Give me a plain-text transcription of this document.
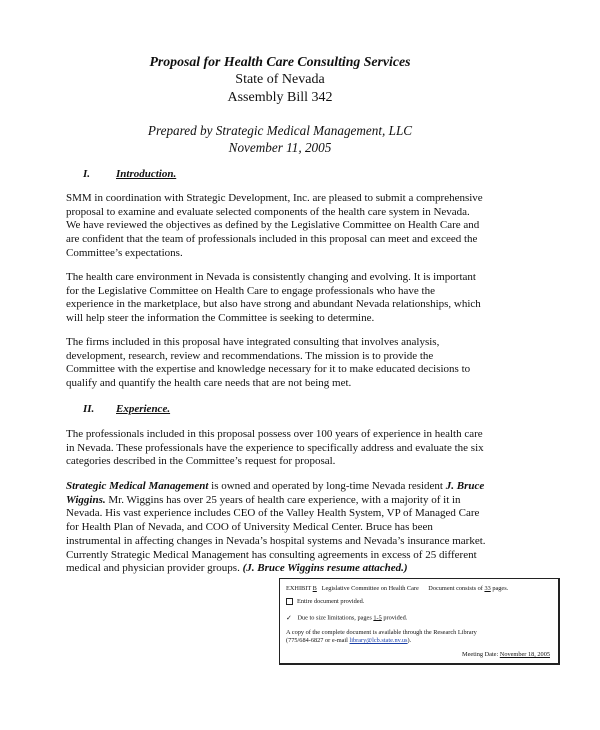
Proposal for Health Care Consulting Services
State of Nevada
Assembly Bill 342
Prepared by Strategic Medical Management, LLC
November 11, 2005
I. Introduction.

SMM in coordination with Strategic Development, Inc. are pleased to submit a comprehensive
proposal to examine and evaluate selected components of the health care system in Nevada.
We have reviewed the objectives as defined by the Legislative Committee on Health Care and
are confident that the team of professionals included in this proposal can meet and exceed the
Committee’s expectations.

The health care environment in Nevada is consistently changing and evolving. It is important
for the Legislative Committee on Health Care to engage professionals who have the
experience in the marketplace, but also have strong and abundant Nevada relationships, which
will help steer the information the Committee is seeking to determine.

The firms included in this proposal have integrated consulting that involves analysis,
development, research, review and recommendations. The mission is to provide the
Committee with the expertise and knowledge necessary for it to make educated decisions to
qualify and quantify the health care needs that are not being met.

II. Experience.

The professionals included in this proposal possess over 100 years of experience in health care
in Nevada. These professionals have the experience to specifically address and evaluate the six
categories described in the Committee’s request for proposal.

Strategic Medical Management is owned and operated by long-time Nevada resident J. Bruce
Wiggins. Mr. Wiggins has over 25 years of health care experience, with a majority of it in
Nevada. His vast experience includes CEO of the Valley Health System, VP of Managed Care
for Health Plan of Nevada, and COO of University Medical Center. Bruce has been
instrumental in affecting changes in Nevada’s hospital systems and Nevada’s insurance market.
Currently Strategic Medical Management has consulting agreements in excess of 25 different
medical and physician provider groups. (J. Bruce Wiggins resume attached.)

EXHIBIT B Legislative Committee on Health Care Document consists of 33 pages.
Entire document provided.
✓ Due to size limitations, pages 1-5 provided.
A copy of the complete document is available through the Research Library
(775/684-6827 or e-mail library@lcb.state.nv.us).
Meeting Date: November 18, 2005
